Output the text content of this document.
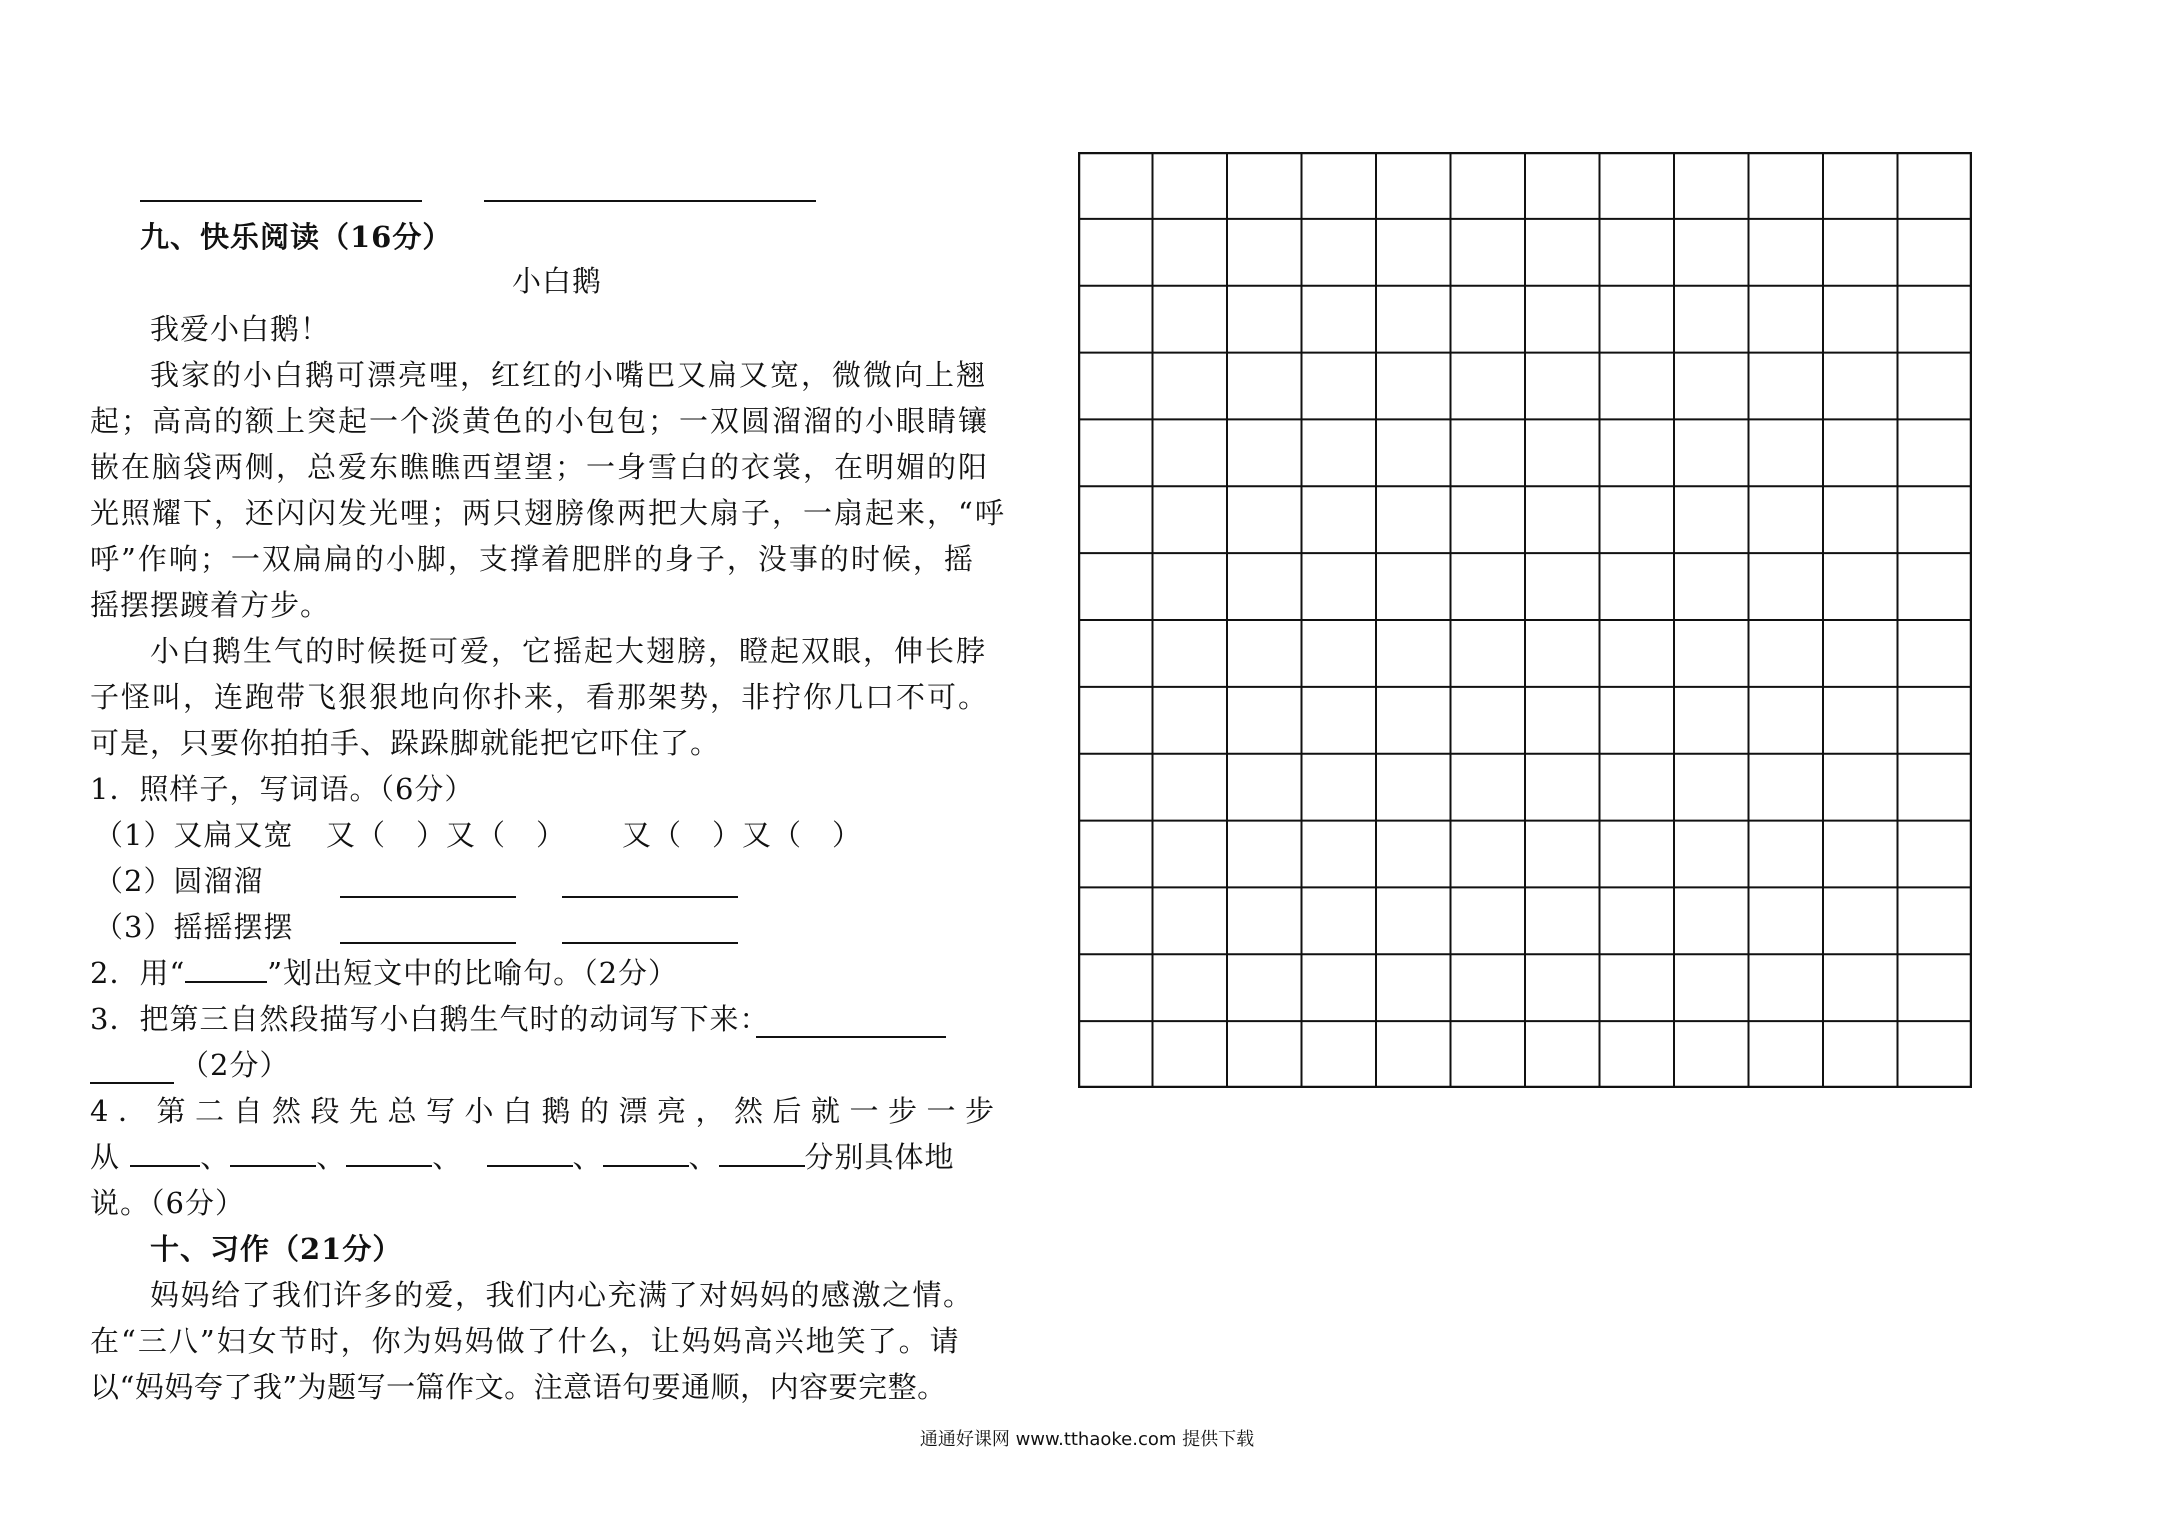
九、快乐阅读（16分）
小白鹅
我爱小白鹅！
我家的小白鹅可漂亮哩，红红的小嘴巴又扁又宽，微微向上翘
起；高高的额上突起一个淡黄色的小包包；一双圆溜溜的小眼睛镶
嵌在脑袋两侧，总爱东瞧瞧西望望；一身雪白的衣裳，在明媚的阳
光照耀下，还闪闪发光哩；两只翅膀像两把大扇子，一扇起来，“呼
呼”作响；一双扁扁的小脚，支撑着肥胖的身子，没事的时候，摇
摇摆摆踱着方步。
小白鹅生气的时候挺可爱，它摇起大翅膀，瞪起双眼，伸长脖
子怪叫，连跑带飞狠狠地向你扑来，看那架势，非拧你几口不可。
可是，只要你拍拍手、跺跺脚就能把它吓住了。
1．照样子，写词语。（6分）
（1）又扁又宽 又（　）又（　） 又（　）又（　）
（2）圆溜溜
（3）摇摇摆摆
2．用“	”划出短文中的比喻句。（2分）
3．把第三自然段描写小白鹅生气时的动词写下来：
（2分）
4．第二自然段先总写小白鹅的漂亮，然后就一步一步
从	、	、	、	、	、	分别具体地
说。（6分）
十、习作（21分）
妈妈给了我们许多的爱，我们内心充满了对妈妈的感激之情。
在“三八”妇女节时，你为妈妈做了什么，让妈妈高兴地笑了。请
以“妈妈夸了我”为题写一篇作文。注意语句要通顺，内容要完整。
通通好课网 www.tthaoke.com 提供下载
